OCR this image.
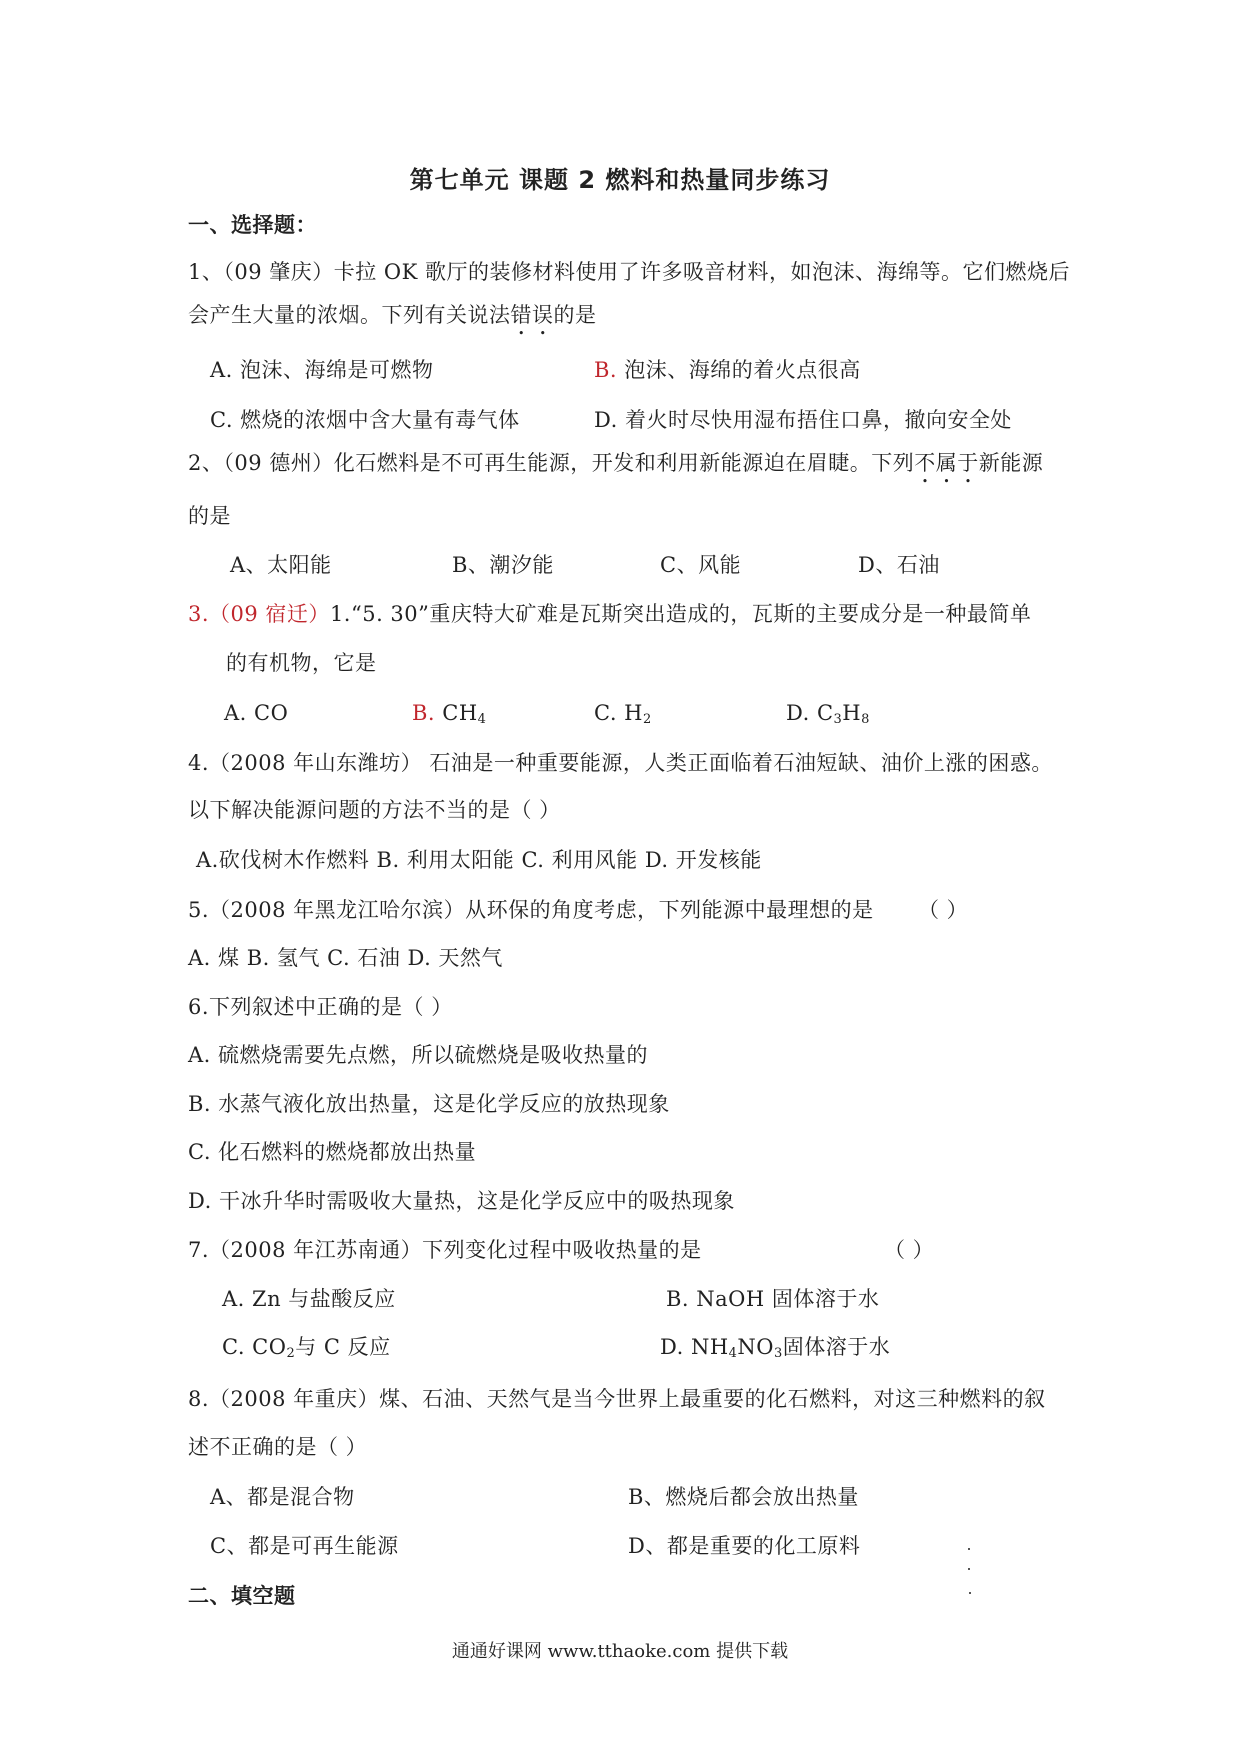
第七单元 课题 2 燃料和热量同步练习
一、选择题：
1、（09 肇庆）卡拉 OK 歌厅的装修材料使用了许多吸音材料，如泡沫、海绵等。它们燃烧后
会产生大量的浓烟。下列有关说法错误的是
A. 泡沫、海绵是可燃物	B. 泡沫、海绵的着火点很高
C. 燃烧的浓烟中含大量有毒气体	D. 着火时尽快用湿布捂住口鼻，撤向安全处
2、（09 德州）化石燃料是不可再生能源，开发和利用新能源迫在眉睫。下列不属于新能源
的是
A、太阳能	B、潮汐能	C、风能	D、石油
3.（09 宿迁）1.“5. 30”重庆特大矿难是瓦斯突出造成的，瓦斯的主要成分是一种最简单
的有机物，它是
A. CO	B. $CH_4$	C. $H_2$	D. $C_3H_8$
4.（2008 年山东潍坊） 石油是一种重要能源，人类正面临着石油短缺、油价上涨的困惑。
以下解决能源问题的方法不当的是（ ）
A.砍伐树木作燃料 B. 利用太阳能 C. 利用风能 D. 开发核能
5.（2008 年黑龙江哈尔滨）从环保的角度考虑，下列能源中最理想的是 （ ）
A. 煤 B. 氢气 C. 石油 D. 天然气
6.下列叙述中正确的是（ ）
A. 硫燃烧需要先点燃，所以硫燃烧是吸收热量的
B. 水蒸气液化放出热量，这是化学反应的放热现象
C. 化石燃料的燃烧都放出热量
D. 干冰升华时需吸收大量热，这是化学反应中的吸热现象
7.（2008 年江苏南通）下列变化过程中吸收热量的是	（ ）
A. Zn 与盐酸反应	B. NaOH 固体溶于水
C. $CO_2$与 C 反应	D. $NH_4NO_3$固体溶于水
8.（2008 年重庆）煤、石油、天然气是当今世界上最重要的化石燃料，对这三种燃料的叙
述不正确的是（ ）
A、都是混合物	B、燃烧后都会放出热量
C、都是可再生能源	D、都是重要的化工原料
二、填空题
通通好课网 www.tthaoke.com 提供下载
